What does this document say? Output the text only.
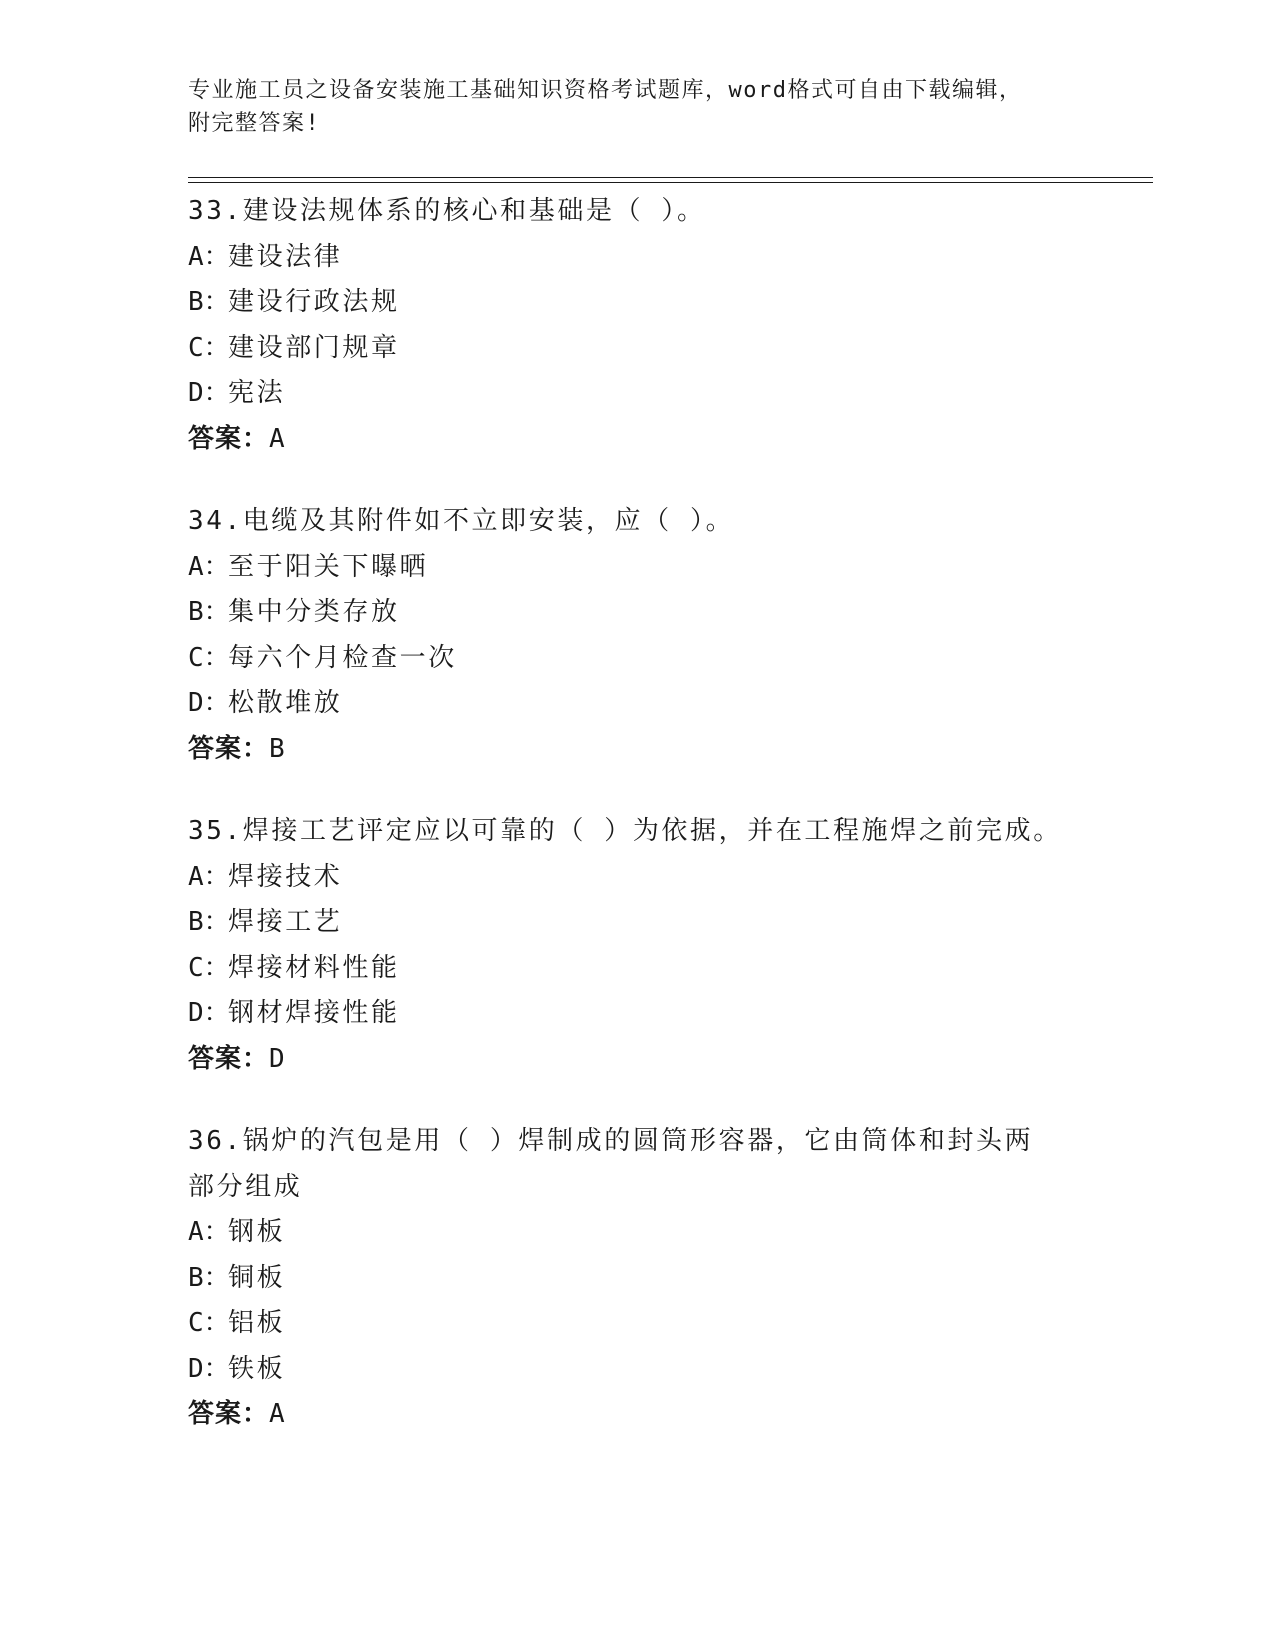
专业施工员之设备安装施工基础知识资格考试题库，word格式可自由下载编辑，
附完整答案!
33.建设法规体系的核心和基础是（ ）。
A：建设法律
B：建设行政法规
C：建设部门规章
D：宪法
答案：A
34.电缆及其附件如不立即安装，应（ ）。
A：至于阳关下曝晒
B：集中分类存放
C：每六个月检查一次
D：松散堆放
答案：B
35.焊接工艺评定应以可靠的（ ）为依据，并在工程施焊之前完成。
A：焊接技术
B：焊接工艺
C：焊接材料性能
D：钢材焊接性能
答案：D
36.锅炉的汽包是用（ ）焊制成的圆筒形容器，它由筒体和封头两部分组成
A：钢板
B：铜板
C：铝板
D：铁板
答案：A
